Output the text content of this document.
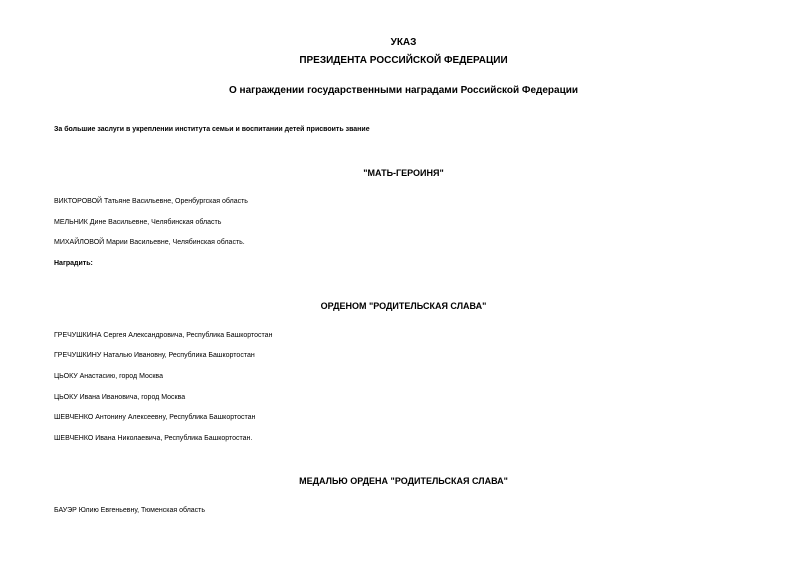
УКАЗ
ПРЕЗИДЕНТА РОССИЙСКОЙ ФЕДЕРАЦИИ
О награждении государственными наградами Российской Федерации
За большие заслуги в укреплении института семьи и воспитании детей присвоить звание
"МАТЬ-ГЕРОИНЯ"
ВИКТОРОВОЙ Татьяне Васильевне, Оренбургская область
МЕЛЬНИК Дине Васильевне, Челябинская область
МИХАЙЛОВОЙ Марии Васильевне, Челябинская область.
Наградить:
ОРДЕНОМ "РОДИТЕЛЬСКАЯ СЛАВА"
ГРЕЧУШКИНА Сергея Александровича, Республика Башкортостан
ГРЕЧУШКИНУ Наталью Ивановну, Республика Башкортостан
ЦЬОКУ Анастасию, город Москва
ЦЬОКУ Ивана Ивановича, город Москва
ШЕВЧЕНКО Антонину Алексеевну, Республика Башкортостан
ШЕВЧЕНКО Ивана Николаевича, Республика Башкортостан.
МЕДАЛЬЮ ОРДЕНА "РОДИТЕЛЬСКАЯ СЛАВА"
БАУЭР Юлию Евгеньевну, Тюменская область
